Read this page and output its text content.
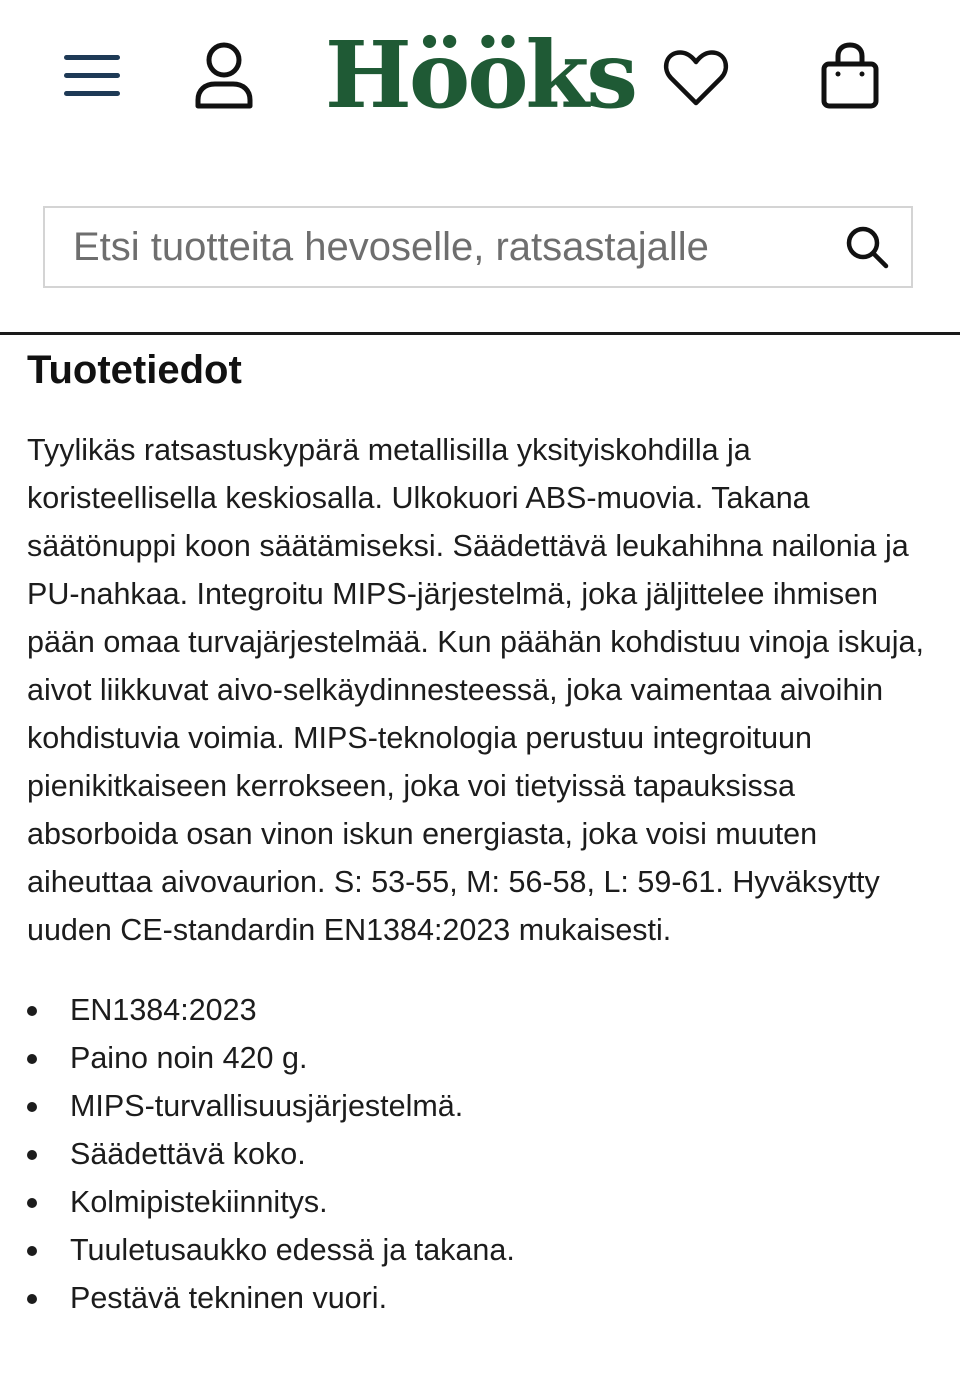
Hööks
Etsi tuotteita hevoselle, ratsastajalle
Tuotetiedot

Tyylikäs ratsastuskypärä metallisilla yksityiskohdilla ja koristeellisella keskiosalla. Ulkokuori ABS-muovia. Takana säätönuppi koon säätämiseksi. Säädettävä leukahihna nailonia ja PU-nahkaa. Integroitu MIPS-järjestelmä, joka jäljittelee ihmisen pään omaa turvajärjestelmää. Kun päähän kohdistuu vinoja iskuja, aivot liikkuvat aivo-selkäydinnesteessä, joka vaimentaa aivoihin kohdistuvia voimia. MIPS-teknologia perustuu integroituun pienikitkaiseen kerrokseen, joka voi tietyissä tapauksissa absorboida osan vinon iskun energiasta, joka voisi muuten aiheuttaa aivovaurion. S: 53-55, M: 56-58, L: 59-61. Hyväksytty uuden CE-standardin EN1384:2023 mukaisesti.

EN1384:2023
Paino noin 420 g.
MIPS-turvallisuusjärjestelmä.
Säädettävä koko.
Kolmipistekiinnitys.
Tuuletusaukko edessä ja takana.
Pestävä tekninen vuori.
